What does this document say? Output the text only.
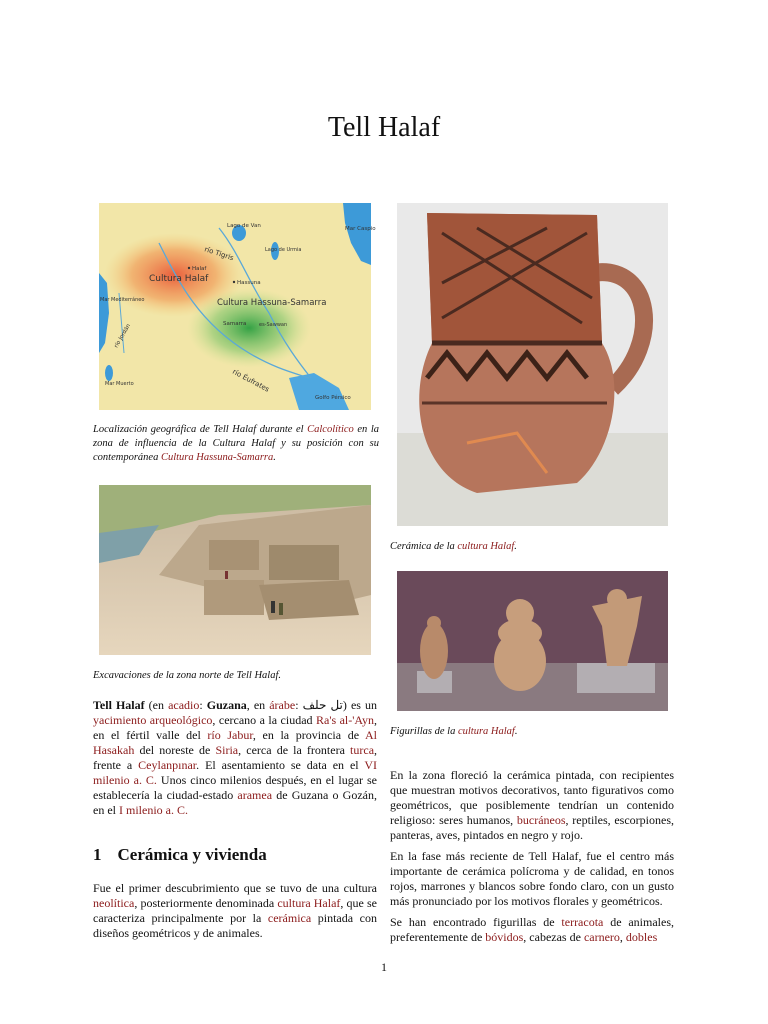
Tell Halaf
Lago de Van	Mar Caspio
río Tigris	Lago de Urmia
Cultura Halaf
Halaf
Hassuna
Cultura Hassuna-Samarra
Samarra	es-Sawwan
Mar Mediterráneo
río Jordán
río Éufrates
Mar Muerto
Golfo Pérsico
Localización geográfica de Tell Halaf durante el Calcolítico en la zona de influencia de la Cultura Halaf y su posición con su contemporánea Cultura Hassuna-Samarra.
Excavaciones de la zona norte de Tell Halaf.
Cerámica de la cultura Halaf.
Figurillas de la cultura Halaf.

Tell Halaf (en acadio: Guzana, en árabe: تل حلف) es un yacimiento arqueológico, cercano a la ciudad Ra's al-'Ayn, en el fértil valle del río Jabur, en la provincia de Al Hasakah del noreste de Siria, cerca de la frontera turca, frente a Ceylanpınar. El asentamiento se data en el VI milenio a. C. Unos cinco milenios después, en el lugar se establecería la ciudad-estado aramea de Guzana o Gozán, en el I milenio a. C.

1 Cerámica y vivienda

Fue el primer descubrimiento que se tuvo de una cultura neolítica, posteriormente denominada cultura Halaf, que se caracteriza principalmente por la cerámica pintada con diseños geométricos y de animales.

En la zona floreció la cerámica pintada, con recipientes que muestran motivos decorativos, tanto figurativos como geométricos, que posiblemente tendrían un contenido religioso: seres humanos, bucráneos, reptiles, escorpiones, panteras, aves, pintados en negro y rojo.

En la fase más reciente de Tell Halaf, fue el centro más importante de cerámica polícroma y de calidad, en tonos rojos, marrones y blancos sobre fondo claro, con un gusto más pronunciado por los motivos florales y geométricos.

Se han encontrado figurillas de terracota de animales, preferentemente de bóvidos, cabezas de carnero, dobles

1
